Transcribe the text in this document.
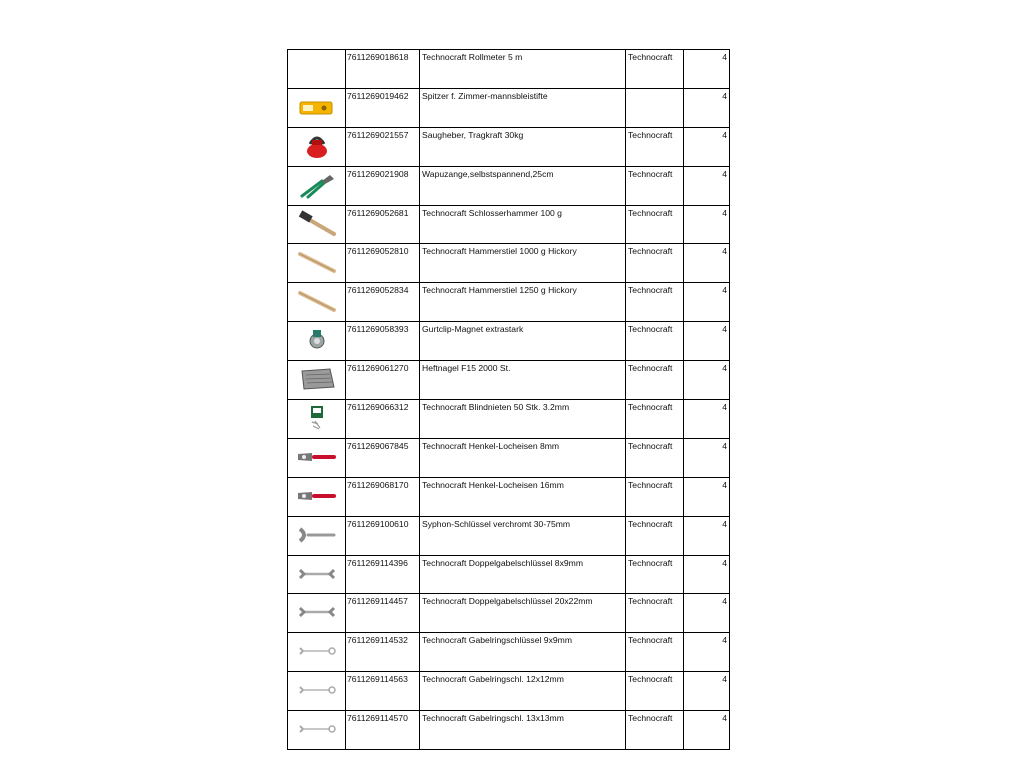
	7611269018618	Technocraft Rollmeter 5 m	Technocraft	4

	7611269019462	Spitzer f. Zimmer-mannsbleistifte		4

	7611269021557	Saugheber, Tragkraft 30kg	Technocraft	4

	7611269021908	Wapuzange,selbstspannend,25cm	Technocraft	4

	7611269052681	Technocraft Schlosserhammer 100 g	Technocraft	4

	7611269052810	Technocraft Hammerstiel 1000 g Hickory	Technocraft	4

	7611269052834	Technocraft Hammerstiel 1250 g Hickory	Technocraft	4

	7611269058393	Gurtclip-Magnet extrastark	Technocraft	4

	7611269061270	Heftnagel F15 2000 St.	Technocraft	4

	7611269066312	Technocraft Blindnieten 50 Stk. 3.2mm	Technocraft	4

	7611269067845	Technocraft Henkel-Locheisen 8mm	Technocraft	4

	7611269068170	Technocraft Henkel-Locheisen 16mm	Technocraft	4

	7611269100610	Syphon-Schlüssel verchromt 30-75mm	Technocraft	4

	7611269114396	Technocraft Doppelgabelschlüssel 8x9mm	Technocraft	4

	7611269114457	Technocraft Doppelgabelschlüssel 20x22mm	Technocraft	4

	7611269114532	Technocraft Gabelringschlüssel 9x9mm	Technocraft	4

	7611269114563	Technocraft Gabelringschl. 12x12mm	Technocraft	4

	7611269114570	Technocraft Gabelringschl. 13x13mm	Technocraft	4
